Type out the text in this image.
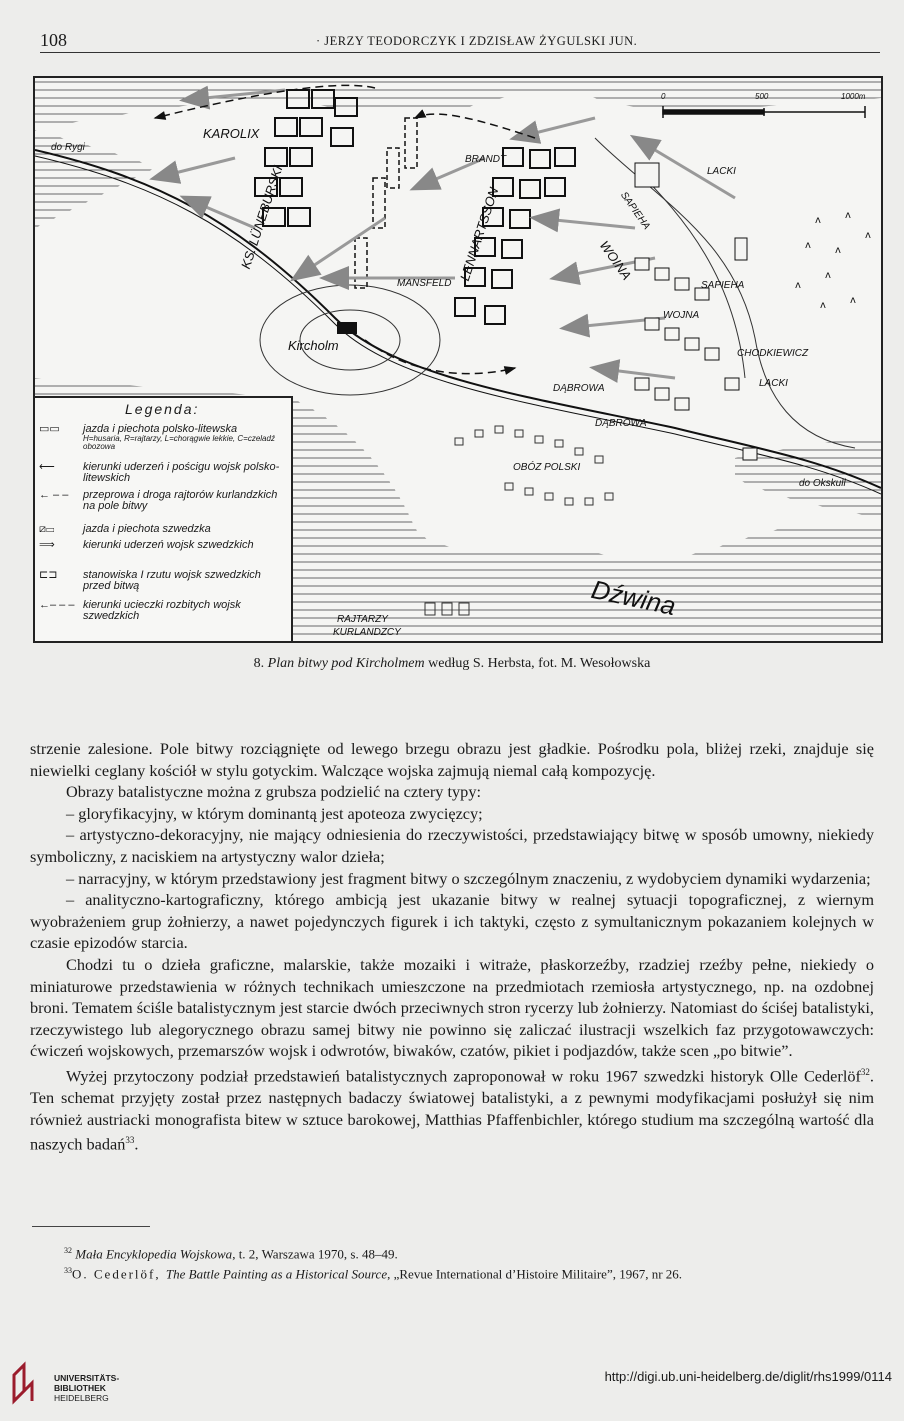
108	· JERZY TEODORCZYK I ZDZISŁAW ŻYGULSKI JUN.
ʌ ʌ
ʌ ʌ
ʌ
ʌ
ʌ
ʌ
ʌ
KAROLIX
do Rygi
KS. LÜNEBURSKI
BRANDT
LENNARTSSON
MANSFELD
Kircholm
SAPIEHA
WOINA
LACKI
SAPIEHA
WOJNA
CHODKIEWICZ
LACKI
DĄBROWA
DĄBROWA
OBÓZ POLSKI
do Okskull
Dźwina
RAJTARZY
KURLANDZCY
0	500	1000m
Legenda:
▭▭ jazda i piechota polsko-litewska
H=husaria, R=rajtarzy, L=chorągwie lekkie, C=czeladź obozowa
⟵	kierunki uderzeń i pościgu wojsk polsko-litewskich
← – – przeprowa i droga rajtorów kurlandzkich na pole bitwy
⧄▭	jazda i piechota szwedzka
⟹	kierunki uderzeń wojsk szwedzkich
⊏⊐ stanowiska I rzutu wojsk szwedzkich przed bitwą
←– – – kierunki ucieczki rozbitych wojsk szwedzkich
8. Plan bitwy pod Kircholmem według S. Herbsta, fot. M. Wesołowska

strzenie zalesione. Pole bitwy rozciągnięte od lewego brzegu obrazu jest gładkie. Pośrodku pola, bliżej rzeki, znajduje się niewielki ceglany kościół w stylu gotyckim. Walczące wojska zajmują niemal całą kompozycję.

Obrazy batalistyczne można z grubsza podzielić na cztery typy:

– gloryfikacyjny, w którym dominantą jest apoteoza zwycięzcy;

– artystyczno-dekoracyjny, nie mający odniesienia do rzeczywistości, przedstawiający bitwę w sposób umowny, niekiedy symboliczny, z naciskiem na artystyczny walor dzieła;

– narracyjny, w którym przedstawiony jest fragment bitwy o szczególnym znaczeniu, z wydobyciem dynamiki wydarzenia;

– analityczno-kartograficzny, którego ambicją jest ukazanie bitwy w realnej sytuacji topograficznej, z wiernym wyobrażeniem grup żołnierzy, a nawet pojedynczych figurek i ich taktyki, często z symultanicznym pokazaniem kolejnych w czasie epizodów starcia.

Chodzi tu o dzieła graficzne, malarskie, także mozaiki i witraże, płaskorzeźby, rzadziej rzeźby pełne, niekiedy o miniaturowe przedstawienia w różnych technikach umieszczone na przedmiotach rzemiosła artystycznego, np. na ozdobnej broni. Tematem ściśle batalistycznym jest starcie dwóch przeciwnych stron rycerzy lub żołnierzy. Natomiast do ściśej batalistyki, rzeczywistego lub alegorycznego obrazu samej bitwy nie powinno się zaliczać ilustracji wszelkich faz przygotowawczych: ćwiczeń wojskowych, przemarszów wojsk i odwrotów, biwaków, czatów, pikiet i podjazdów, także scen „po bitwie”.

Wyżej przytoczony podział przedstawień batalistycznych zaproponował w roku 1967 szwedzki historyk Olle Cederlöf$^{32}$. Ten schemat przyjęty został przez następnych badaczy światowej batalistyki, a z pewnymi modyfikacjami posłużył się nim również austriacki monografista bitew w sztuce barokowej, Matthias Pfaffenbichler, którego studium ma szczególną wartość dla naszych badań$^{33}$.

$^{32}$ Mała Encyklopedia Wojskowa, t. 2, Warszawa 1970, s. 48–49.
$^{33}$O. Cederlöf, The Battle Painting as a Historical Source, „Revue International d’Histoire Militaire”, 1967, nr 26.
UNIVERSITÄTS-
BIBLIOTHEK
HEIDELBERG
http://digi.ub.uni-heidelberg.de/diglit/rhs1999/0114
